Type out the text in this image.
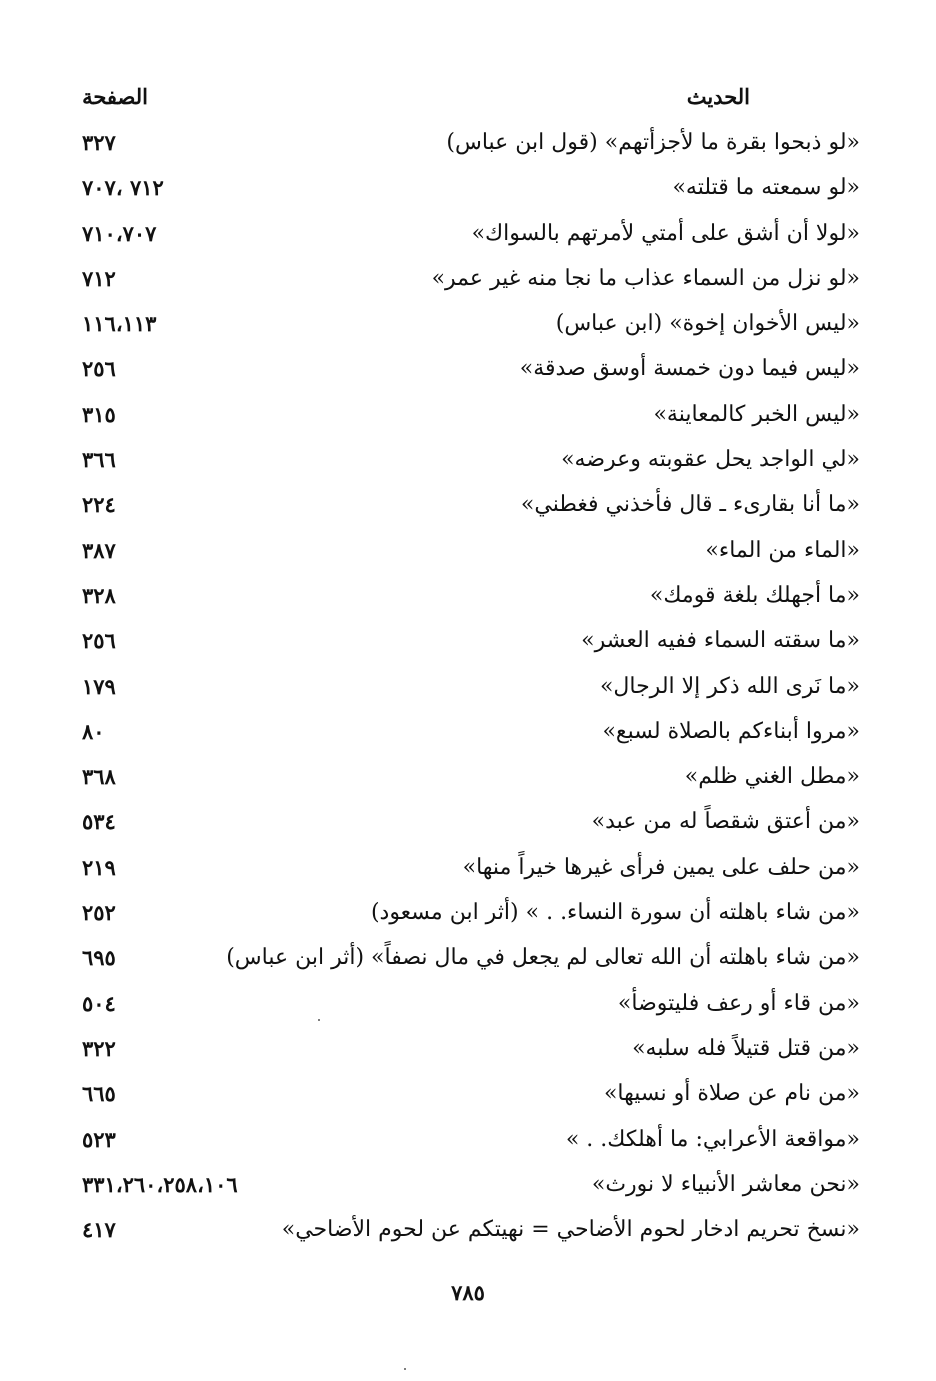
الحديث
الصفحة
«لو ذبحوا بقرة ما لأجزأتهم» (قول ابن عباس)
٣٢٧
«لو سمعته ما قتلته»
٧١٢ ،٧٠٧
«لولا أن أشق على أمتي لأمرتهم بالسواك»
٧١٠،٧٠٧
«لو نزل من السماء عذاب ما نجا منه غير عمر»
٧١٢
«ليس الأخوان إخوة» (ابن عباس)
١١٦،١١٣
«ليس فيما دون خمسة أوسق صدقة»
٢٥٦
«ليس الخبر كالمعاينة»
٣١٥
«لي الواجد يحل عقوبته وعرضه»
٣٦٦
«ما أنا بقارىء ـ قال فأخذني فغطني»
٢٢٤
«الماء من الماء»
٣٨٧
«ما أجهلك بلغة قومك»
٣٢٨
«ما سقته السماء ففيه العشر»
٢٥٦
«ما نَرى الله ذكر إلا الرجال»
١٧٩
«مروا أبناءكم بالصلاة لسبع»
٨٠
«مطل الغني ظلم»
٣٦٨
«من أعتق شقصاً له من عبد»
٥٣٤
«من حلف على يمين فرأى غيرها خيراً منها»
٢١٩
«من شاء باهلته أن سورة النساء. . » (أثر ابن مسعود)
٢٥٢
«من شاء باهلته أن الله تعالى لم يجعل في مال نصفاً» (أثر ابن عباس)
٦٩٥
«من قاء أو رعف فليتوضأ»
٥٠٤
«من قتل قتيلاً فله سلبه»
٣٢٢
«من نام عن صلاة أو نسيها»
٦٦٥
«مواقعة الأعرابي: ما أهلكك. . »
٥٢٣
«نحن معاشر الأنبياء لا نورث»
٣٣١،٢٦٠،٢٥٨،١٠٦
«نسخ تحريم ادخار لحوم الأضاحي = نهيتكم عن لحوم الأضاحي»
٤١٧
٧٨٥
